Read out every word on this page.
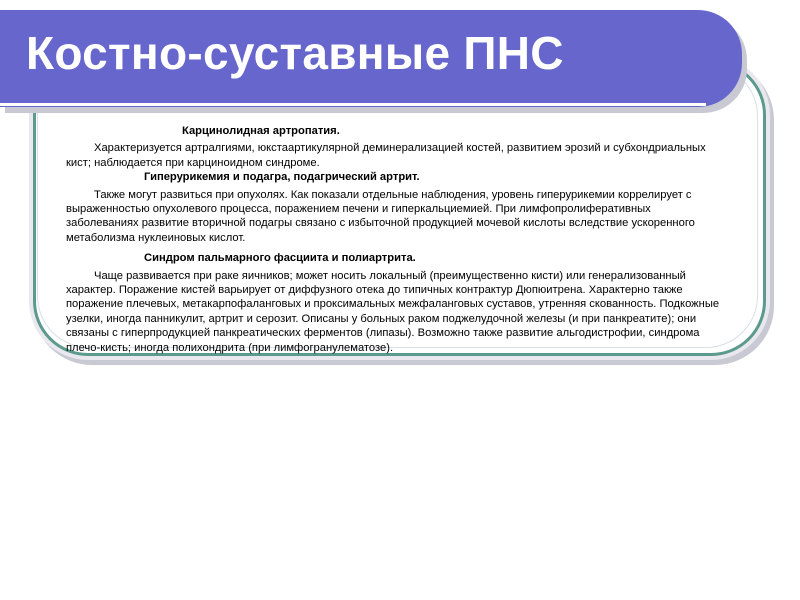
Костно-суставные ПНС

Карцинолидная артропатия.

Характеризуется артралгиями, юкстаартикулярной деминерализацией костей, развитием эрозий и субхондриальных кист; наблюдается при карциноидном синдроме.

Гиперурикемия и подагра, подагрический артрит.

Также могут развиться при опухолях. Как показали отдельные наблюдения, уровень гиперурикемии коррелирует с выраженностью опухолевого процесса, поражением печени и гиперкальциемией. При лимфопролиферативных заболеваниях развитие вторичной подагры связано с избыточной продукцией мочевой кислоты вследствие ускоренного метаболизма нуклеиновых кислот.

Синдром пальмарного фасциита и полиартрита.

Чаще развивается при раке яичников; может носить локальный (преимущественно кисти) или генерализованный характер. Поражение кистей варьирует от диффузного отека до типичных контрактур Дюпюитрена. Характерно также поражение плечевых, метакарпофаланговых и проксимальных межфаланговых суставов, утренняя скованность. Подкожные узелки, иногда панникулит, артрит и серозит. Описаны у больных раком поджелудочной железы (и при панкреатите); они связаны с гиперпродукцией панкреатических ферментов (липазы). Возможно также развитие альгодистрофии, синдрома плечо-кисть; иногда полихондрита (при лимфогранулематозе).
